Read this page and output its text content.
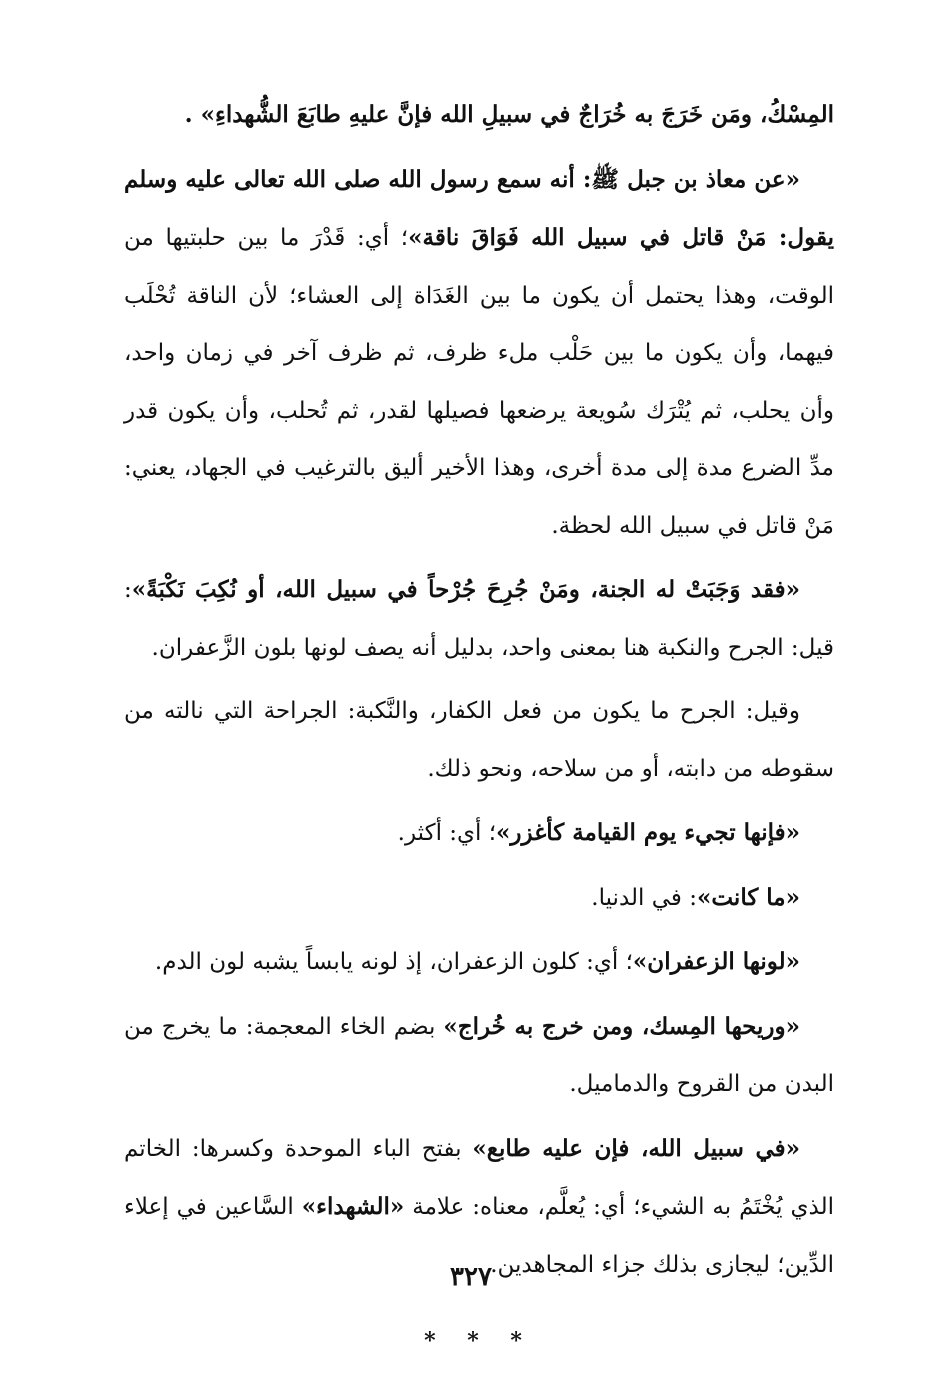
المِسْكُ، ومَن خَرَجَ به خُرَاجٌ في سبيلِ الله فإنَّ عليهِ طابَعَ الشُّهداءِ» .

«عن معاذ بن جبل ﷺ: أنه سمع رسول الله صلى الله تعالى عليه وسلم يقول: مَنْ قاتل في سبيل الله فَوَاقَ ناقة»؛ أي: قَدْرَ ما بين حلبتيها من الوقت، وهذا يحتمل أن يكون ما بين الغَدَاة إلى العشاء؛ لأن الناقة تُحْلَب فيهما، وأن يكون ما بين حَلْب ملء ظرف، ثم ظرف آخر في زمان واحد، وأن يحلب، ثم يُتْرَك سُويعة يرضعها فصيلها لقدر، ثم تُحلب، وأن يكون قدر مدِّ الضرع مدة إلى مدة أخرى، وهذا الأخير أليق بالترغيب في الجهاد، يعني: مَنْ قاتل في سبيل الله لحظة.

«فقد وَجَبَتْ له الجنة، ومَنْ جُرِحَ جُرْحاً في سبيل الله، أو نُكِبَ نَكْبَةً»: قيل: الجرح والنكبة هنا بمعنى واحد، بدليل أنه يصف لونها بلون الزَّعفران.

وقيل: الجرح ما يكون من فعل الكفار، والنَّكبة: الجراحة التي نالته من سقوطه من دابته، أو من سلاحه، ونحو ذلك.

«فإنها تجيء يوم القيامة كأغزر»؛ أي: أكثر.

«ما كانت»: في الدنيا.

«لونها الزعفران»؛ أي: كلون الزعفران، إذ لونه يابساً يشبه لون الدم.

«وريحها المِسك، ومن خرج به خُراج» بضم الخاء المعجمة: ما يخرج من البدن من القروح والدماميل.

«في سبيل الله، فإن عليه طابع» بفتح الباء الموحدة وكسرها: الخاتم الذي يُخْتَمُ به الشيء؛ أي: يُعلَّم، معناه: علامة «الشهداء» السَّاعين في إعلاء الدِّين؛ ليجازى بذلك جزاء المجاهدين.

* * *
٣٢٧
